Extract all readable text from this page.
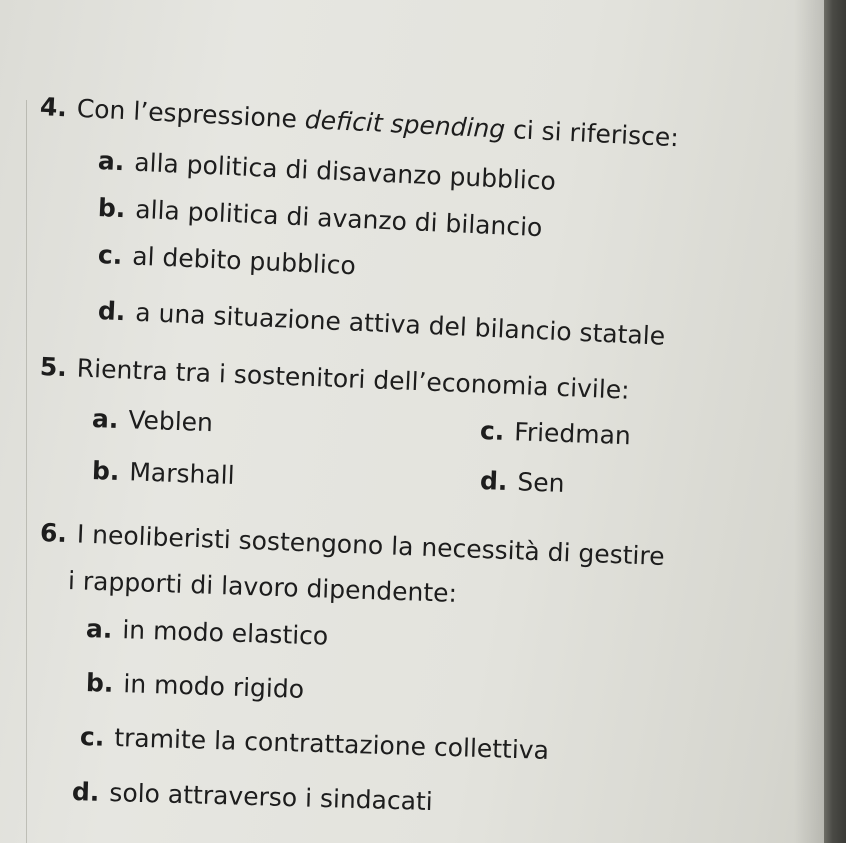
4. Con l’espressione deficit spending ci si riferisce:
a. alla politica di disavanzo pubblico
b. alla politica di avanzo di bilancio
c. al debito pubblico
d. a una situazione attiva del bilancio statale
5. Rientra tra i sostenitori dell’economia civile:
a. Veblen
b. Marshall
c. Friedman
d. Sen
6. I neoliberisti sostengono la necessità di gestire
i rapporti di lavoro dipendente:
a. in modo elastico
b. in modo rigido
c. tramite la contrattazione collettiva
d. solo attraverso i sindacati
